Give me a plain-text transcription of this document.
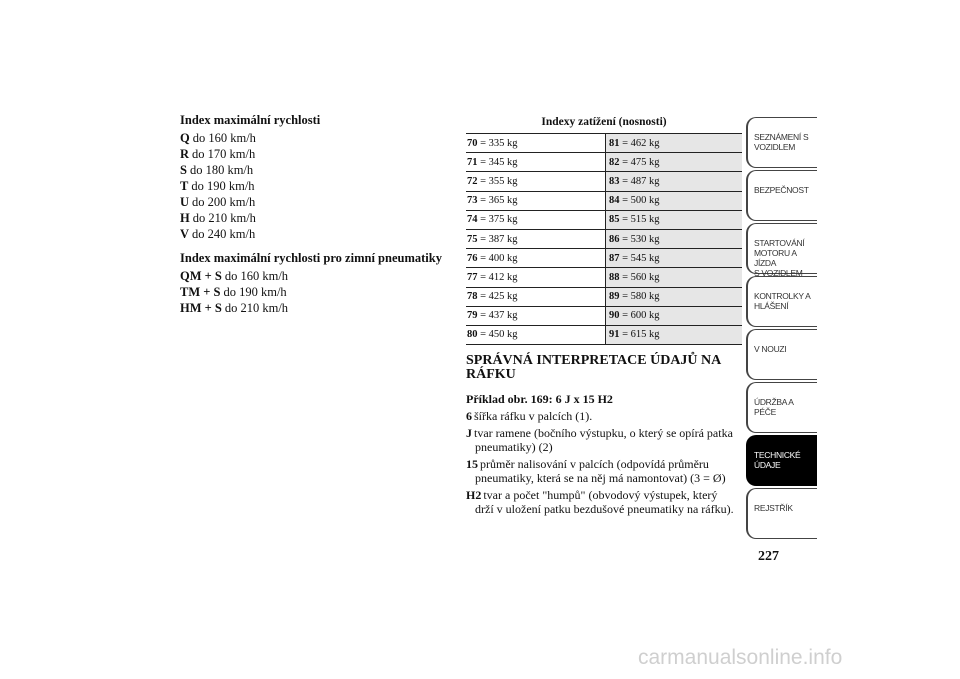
Index maximální rychlosti
Q do 160 km/h
R do 170 km/h
S do 180 km/h
T do 190 km/h
U do 200 km/h
H do 210 km/h
V do 240 km/h
Index maximální rychlosti pro zimní pneumatiky
QM + S do 160 km/h
TM + S do 190 km/h
HM + S do 210 km/h
Indexy zatížení (nosnosti)
70 = 335 kg	81 = 462 kg
71 = 345 kg	82 = 475 kg
72 = 355 kg	83 = 487 kg
73 = 365 kg	84 = 500 kg
74 = 375 kg	85 = 515 kg
75 = 387 kg	86 = 530 kg
76 = 400 kg	87 = 545 kg
77 = 412 kg	88 = 560 kg
78 = 425 kg	89 = 580 kg
79 = 437 kg	90 = 600 kg
80 = 450 kg	91 = 615 kg
SPRÁVNÁ INTERPRETACE ÚDAJŮ NA
RÁFKU
Příklad obr. 169: 6 J x 15 H2
6 šířka ráfku v palcích (1).
J tvar ramene (bočního výstupku, o který se opírá patka pneumatiky) (2)
15 průměr nalisování v palcích (odpovídá průměru pneumatiky, která se na něj má namontovat) (3 = Ø)
H2 tvar a počet "humpů" (obvodový výstupek, který drží v uložení patku bezdušové pneumatiky na ráfku).
SEZNÁMENÍ S
VOZIDLEM
BEZPEČNOST
STARTOVÁNÍ
MOTORU A JÍZDA
S VOZIDLEM
KONTROLKY A
HLÁŠENÍ
V NOUZI
ÚDRŽBA A PÉČE
TECHNICKÉ
ÚDAJE
REJSTŘÍK
227
carmanualsonline.info
